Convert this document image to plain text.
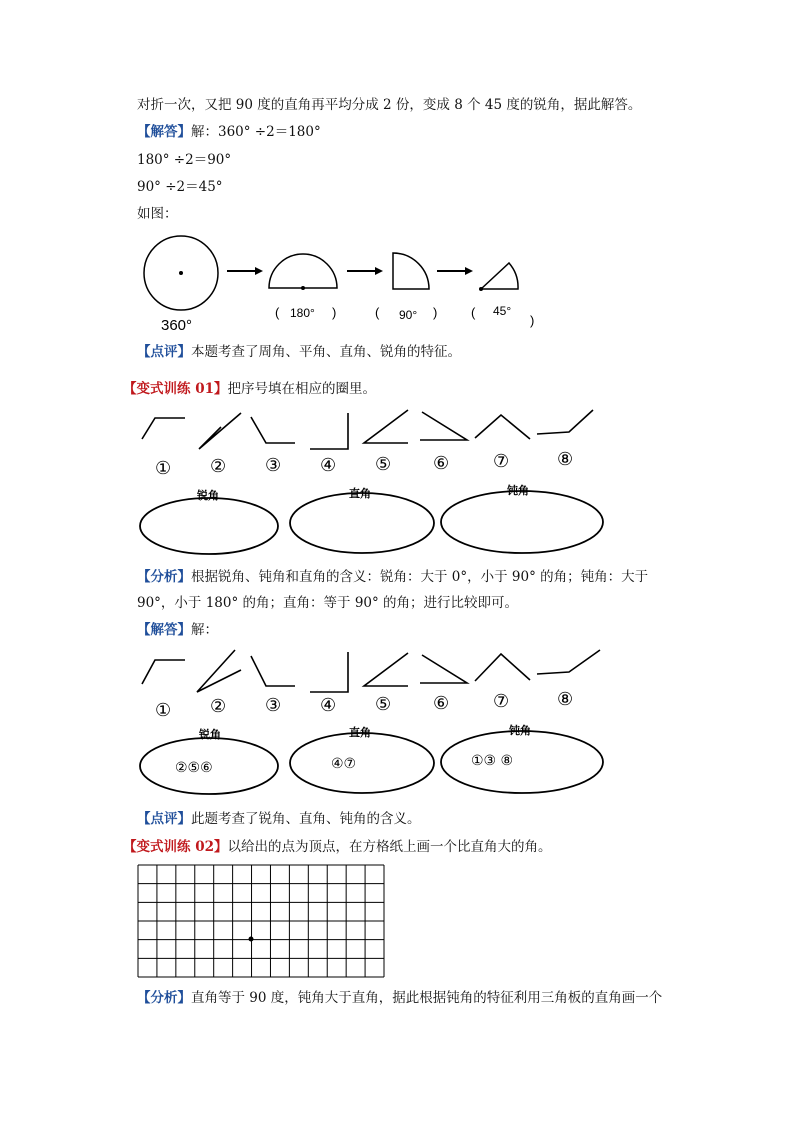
对折一次，又把 90 度的直角再平均分成 2 份，变成 8 个 45 度的锐角，据此解答。
【解答】解：360° ÷2＝180°
180° ÷2＝90°
90° ÷2＝45°
如图：
360°
( 180° )	( 90° )	( 45°
)
【点评】本题考查了周角、平角、直角、锐角的特征。
【变式训练 01】把序号填在相应的圈里。
① ② ③ ④ ⑤ ⑥ ⑦	⑧
锐角	直角	钝角
【分析】根据锐角、钝角和直角的含义：锐角：大于 0°，小于 90° 的角；钝角：大于
90°，小于 180° 的角；直角：等于 90° 的角；进行比较即可。
【解答】解：
① ② ③ ④ ⑤ ⑥ ⑦	⑧
锐角	直角	钝角
②⑤⑥	④⑦	①③ ⑧
【点评】此题考查了锐角、直角、钝角的含义。
【变式训练 02】以给出的点为顶点，在方格纸上画一个比直角大的角。
【分析】直角等于 90 度，钝角大于直角，据此根据钝角的特征利用三角板的直角画一个
